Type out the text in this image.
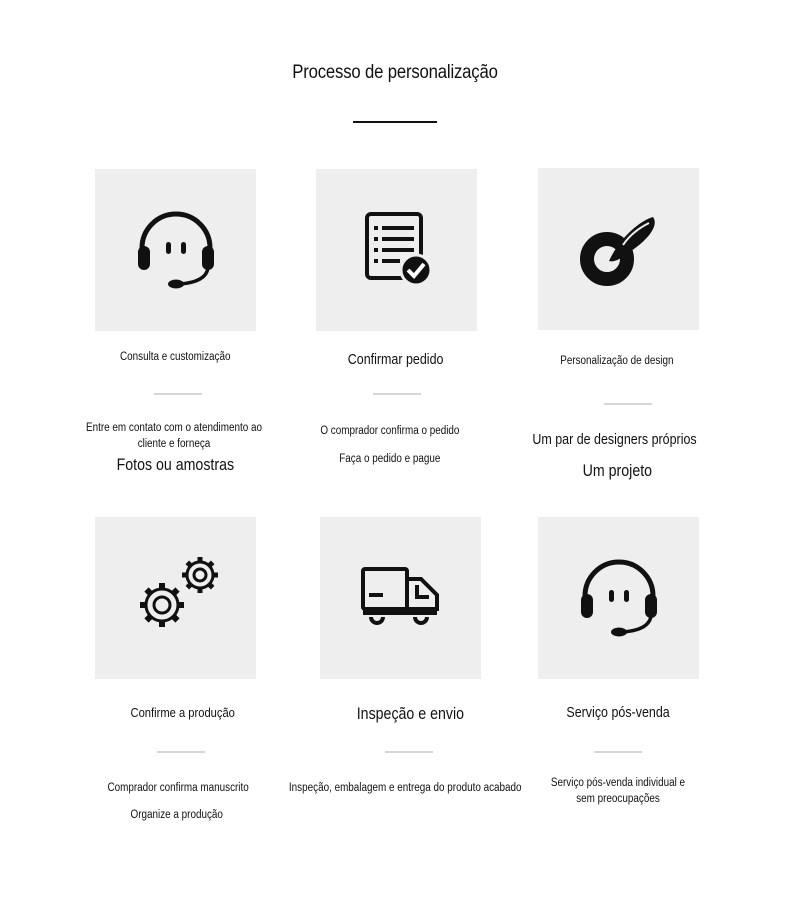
Processo de personalização
Consulta e customização
Entre em contato com o atendimento ao cliente e forneça
Fotos ou amostras
Confirmar pedido
O comprador confirma o pedido
Faça o pedido e pague
Personalização de design
Um par de designers próprios
Um projeto
Confirme a produção
Comprador confirma manuscrito
Organize a produção
Inspeção e envio
Inspeção, embalagem e entrega do produto acabado
Serviço pós-venda
Serviço pós-venda individual e sem preocupações
